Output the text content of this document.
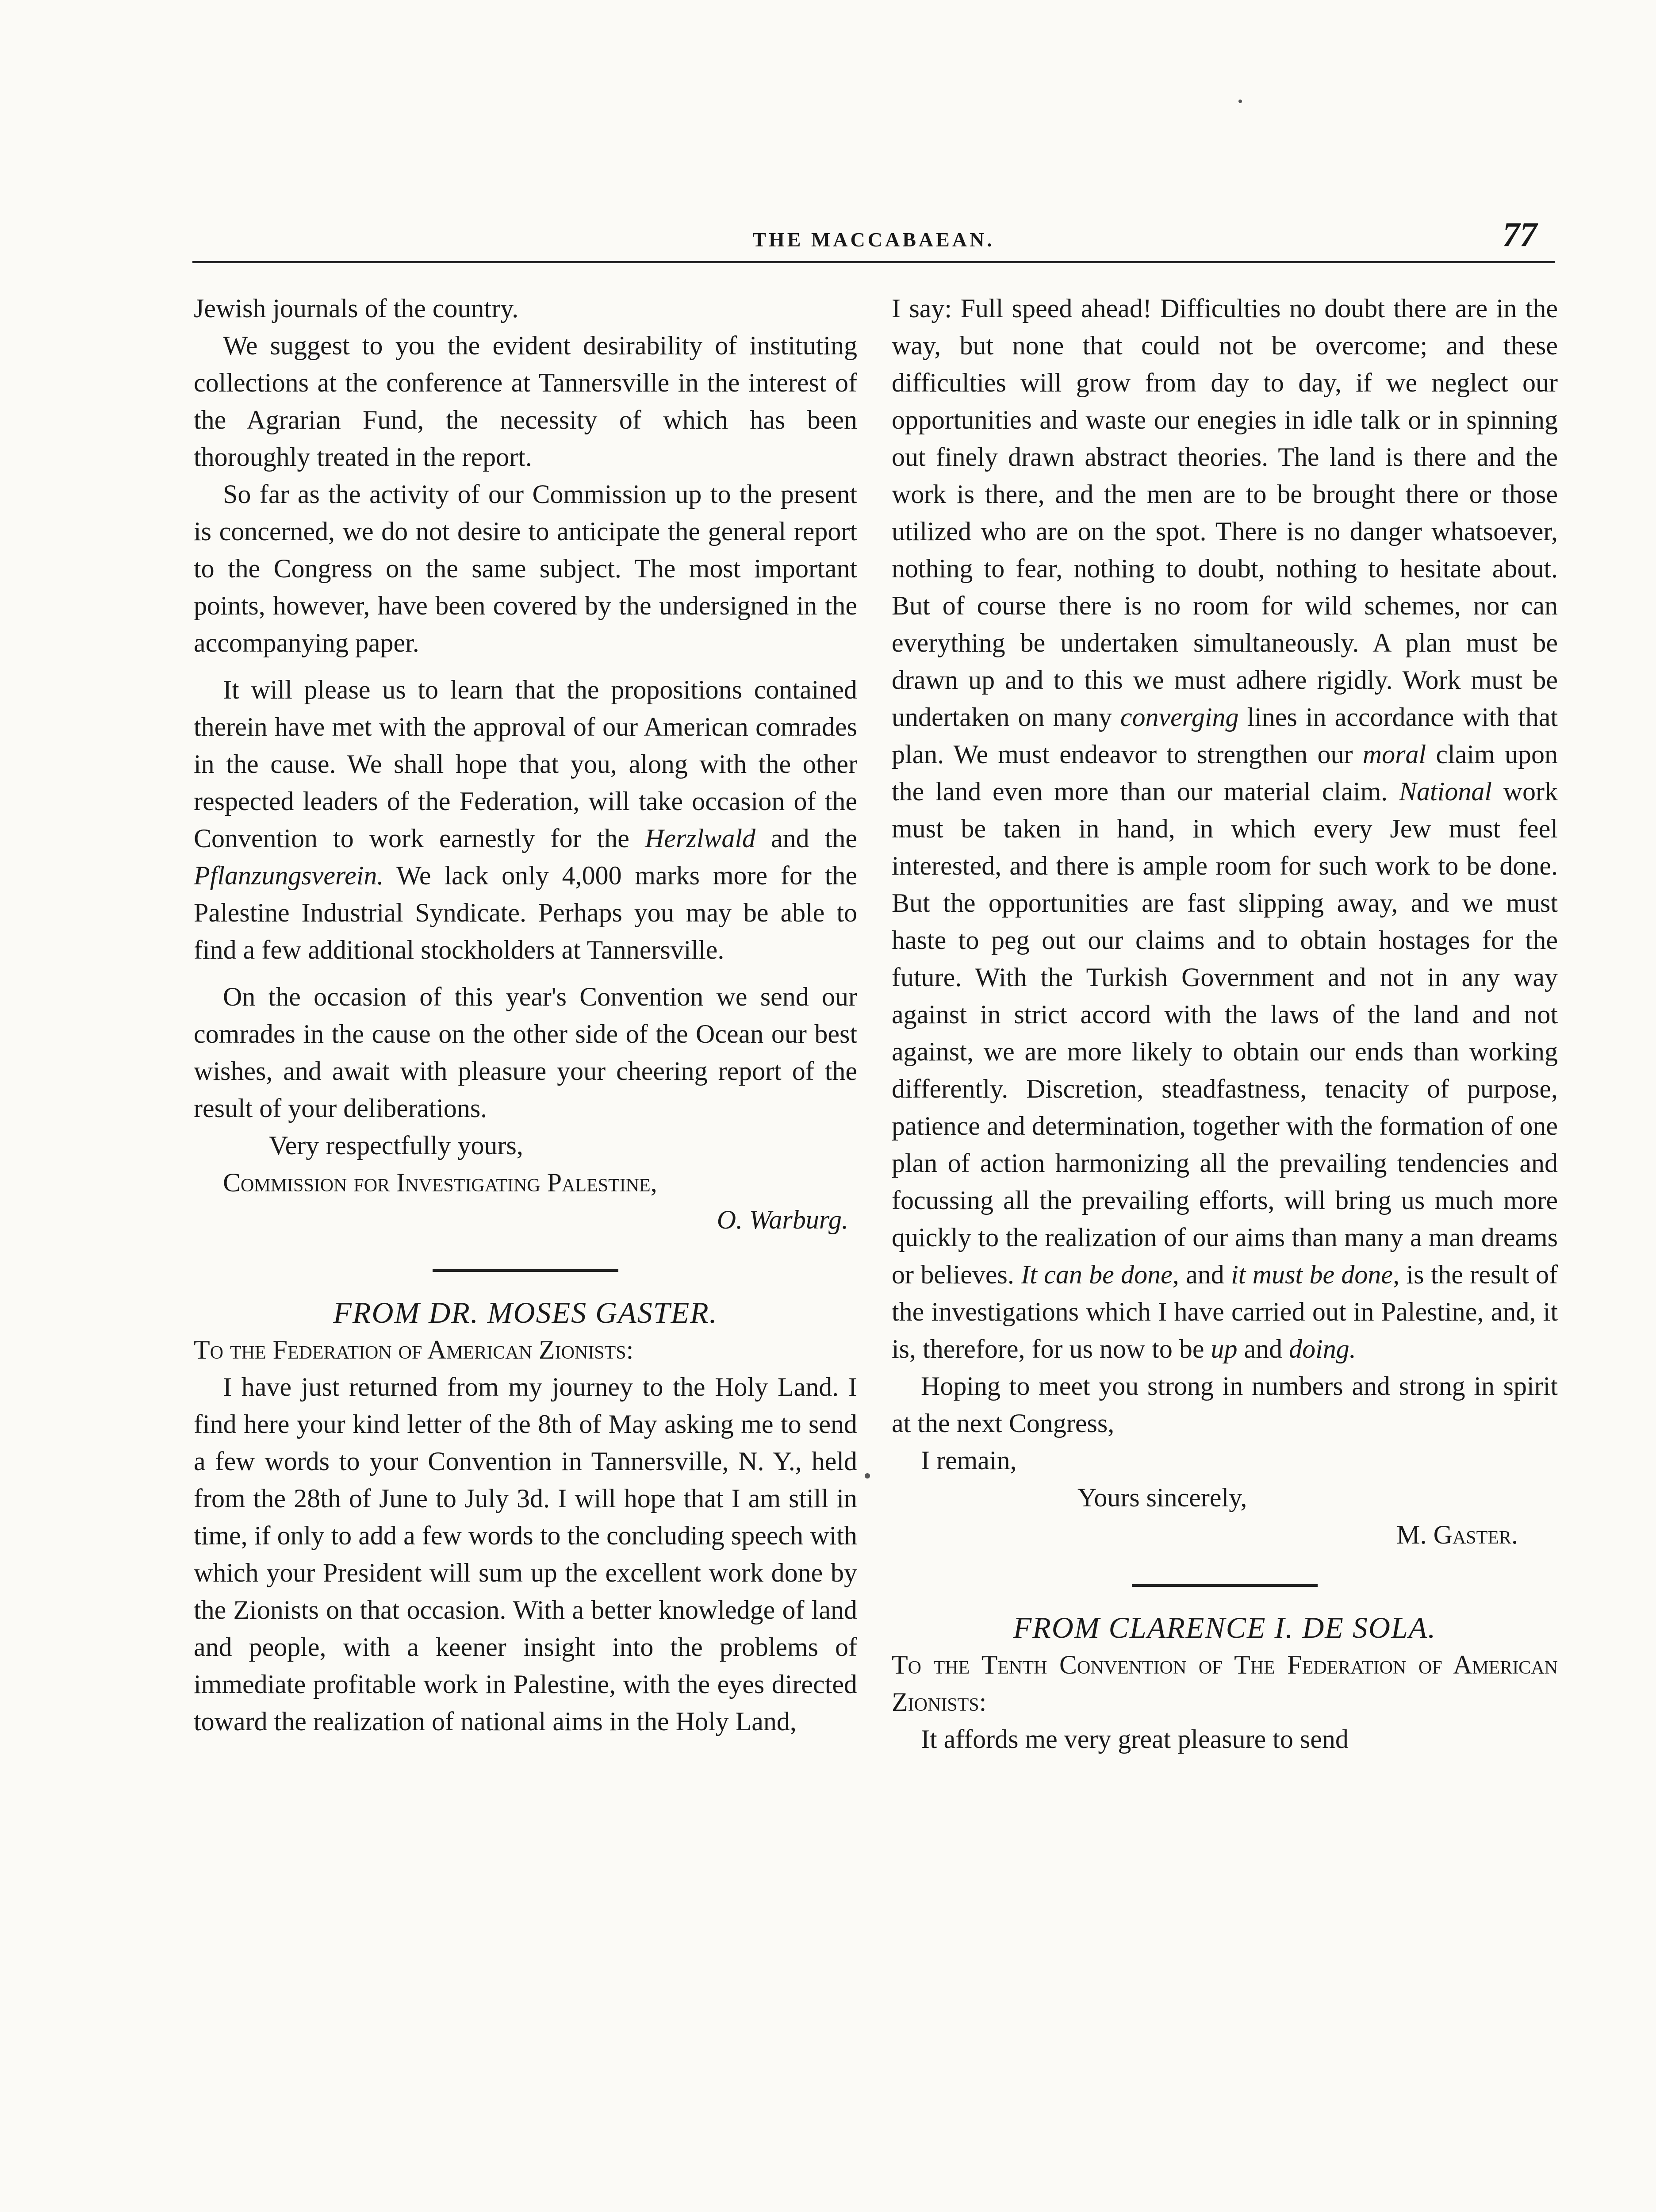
THE MACCABAEAN.	77

Jewish journals of the country.

We suggest to you the evident desirability of instituting collections at the conference at Tannersville in the interest of the Agrarian Fund, the necessity of which has been thoroughly treated in the report.

So far as the activity of our Commission up to the present is concerned, we do not desire to anticipate the general report to the Congress on the same subject. The most important points, however, have been covered by the undersigned in the accompanying paper.

It will please us to learn that the propositions contained therein have met with the approval of our American comrades in the cause. We shall hope that you, along with the other respected leaders of the Federation, will take occasion of the Convention to work earnestly for the Herzlwald and the Pflanzungsverein. We lack only 4,000 marks more for the Palestine Industrial Syndicate. Perhaps you may be able to find a few additional stockholders at Tannersville.

On the occasion of this year's Convention we send our comrades in the cause on the other side of the Ocean our best wishes, and await with pleasure your cheering report of the result of your deliberations.

Very respectfully yours,

Commission for Investigating Palestine,

O. Warburg.

FROM DR. MOSES GASTER.

To the Federation of American Zionists:

I have just returned from my journey to the Holy Land. I find here your kind letter of the 8th of May asking me to send a few words to your Convention in Tannersville, N. Y., held from the 28th of June to July 3d. I will hope that I am still in time, if only to add a few words to the concluding speech with which your President will sum up the excellent work done by the Zionists on that occasion. With a better knowledge of land and people, with a keener insight into the problems of immediate profitable work in Palestine, with the eyes directed toward the realization of national aims in the Holy Land,

I say: Full speed ahead! Difficulties no doubt there are in the way, but none that could not be overcome; and these difficulties will grow from day to day, if we neglect our opportunities and waste our enegies in idle talk or in spinning out finely drawn abstract theories. The land is there and the work is there, and the men are to be brought there or those utilized who are on the spot. There is no danger whatsoever, nothing to fear, nothing to doubt, nothing to hesitate about. But of course there is no room for wild schemes, nor can everything be undertaken simultaneously. A plan must be drawn up and to this we must adhere rigidly. Work must be undertaken on many converging lines in accordance with that plan. We must endeavor to strengthen our moral claim upon the land even more than our material claim. National work must be taken in hand, in which every Jew must feel interested, and there is ample room for such work to be done. But the opportunities are fast slipping away, and we must haste to peg out our claims and to obtain hostages for the future. With the Turkish Government and not in any way against in strict accord with the laws of the land and not against, we are more likely to obtain our ends than working differently. Discretion, steadfastness, tenacity of purpose, patience and determination, together with the formation of one plan of action harmonizing all the prevailing tendencies and focussing all the prevailing efforts, will bring us much more quickly to the realization of our aims than many a man dreams or believes. It can be done, and it must be done, is the result of the investigations which I have carried out in Palestine, and, it is, therefore, for us now to be up and doing.

Hoping to meet you strong in numbers and strong in spirit at the next Congress,

I remain,

Yours sincerely,

M. Gaster.

FROM CLARENCE I. DE SOLA.

To the Tenth Convention of The Federation of American Zionists:

It affords me very great pleasure to send
